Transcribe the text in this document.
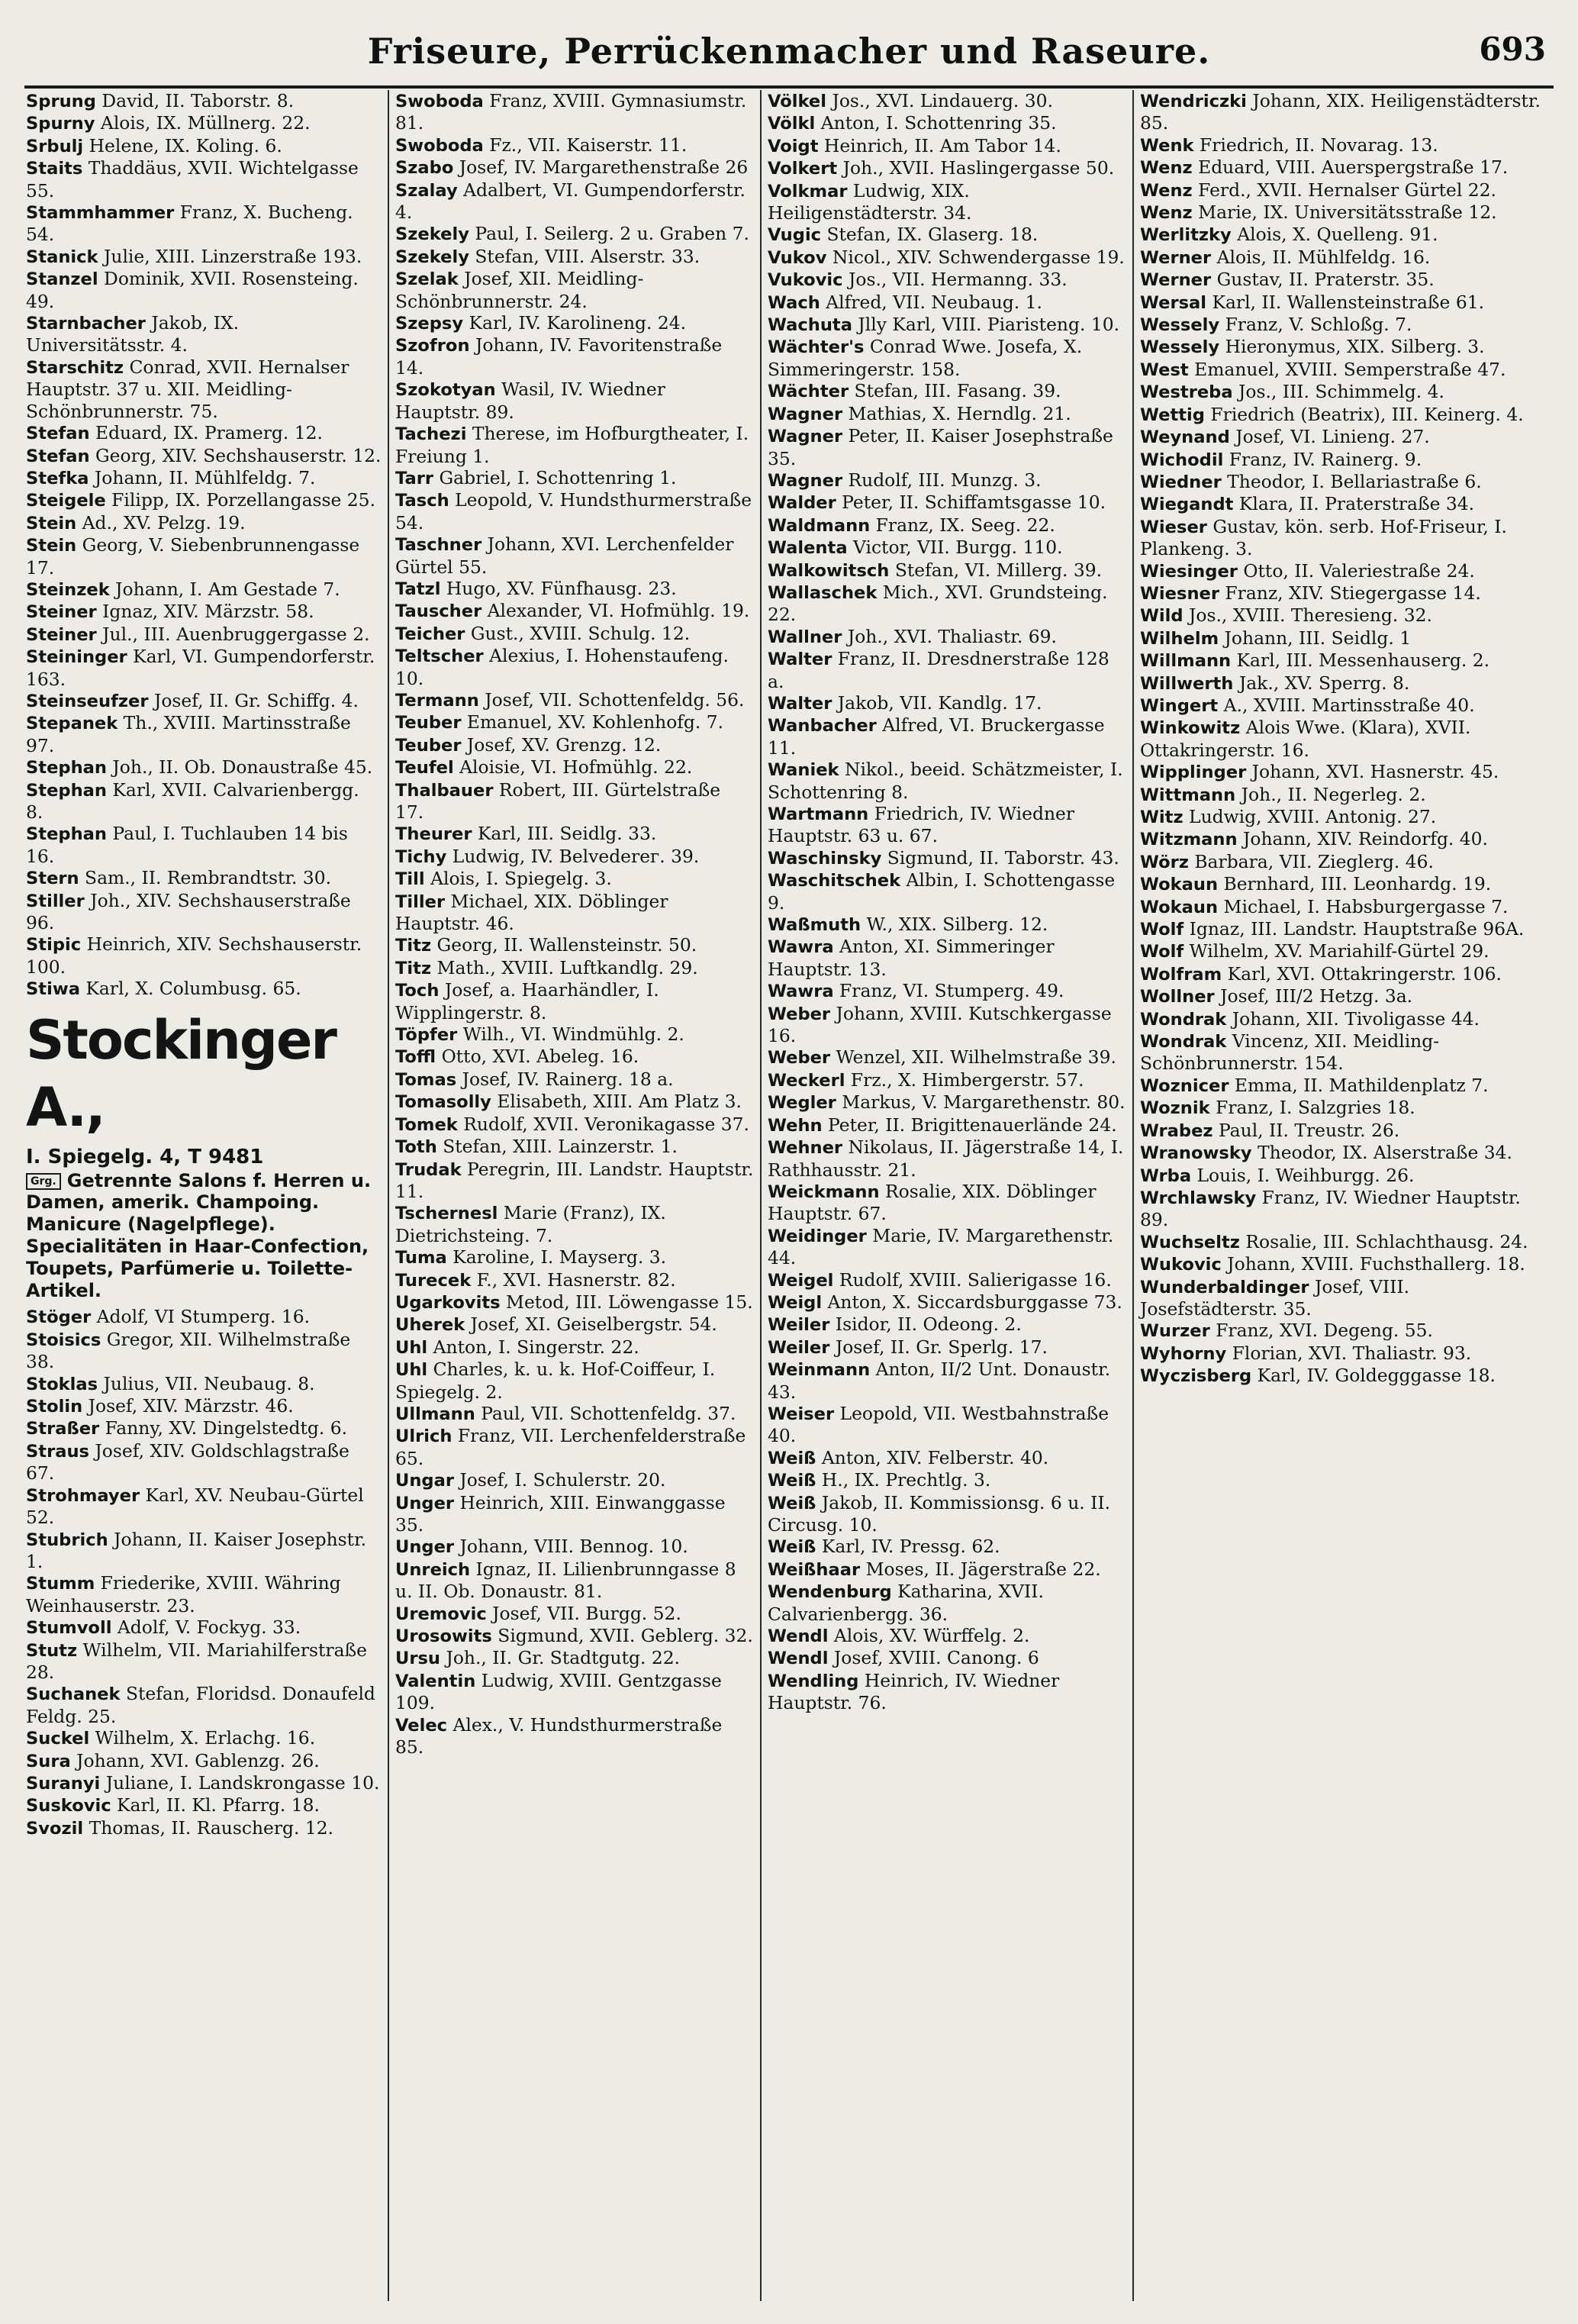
Friseure, Perrückenmacher und Raseure.	693
Sprung David, II. Taborstr. 8.
Spurny Alois, IX. Müllnerg. 22.
Srbulj Helene, IX. Koling. 6.
Staits Thaddäus, XVII. Wichtelgasse 55.
Stammhammer Franz, X. Bucheng. 54.
Stanick Julie, XIII. Linzerstraße 193.
Stanzel Dominik, XVII. Rosensteing. 49.
Starnbacher Jakob, IX. Universitätsstr. 4.
Starschitz Conrad, XVII. Hernalser Hauptstr. 37 u. XII. Meidling-Schönbrunnerstr. 75.
Stefan Eduard, IX. Pramerg. 12.
Stefan Georg, XIV. Sechshauserstr. 12.
Stefka Johann, II. Mühlfeldg. 7.
Steigele Filipp, IX. Porzellangasse 25.
Stein Ad., XV. Pelzg. 19.
Stein Georg, V. Siebenbrunnengasse 17.
Steinzek Johann, I. Am Gestade 7.
Steiner Ignaz, XIV. Märzstr. 58.
Steiner Jul., III. Auenbruggergasse 2.
Steininger Karl, VI. Gumpendorferstr. 163.
Steinseufzer Josef, II. Gr. Schiffg. 4.
Stepanek Th., XVIII. Martinsstraße 97.
Stephan Joh., II. Ob. Donaustraße 45.
Stephan Karl, XVII. Calvarienbergg. 8.
Stephan Paul, I. Tuchlauben 14 bis 16.
Stern Sam., II. Rembrandtstr. 30.
Stiller Joh., XIV. Sechshauserstraße 96.
Stipic Heinrich, XIV. Sechshauserstr. 100.
Stiwa Karl, X. Columbusg. 65.
Stockinger A.,
I. Spiegelg. 4, T 9481
Grg. Getrennte Salons f. Herren u. Damen, amerik. Champoing. Manicure (Nagelpflege). Specialitäten in Haar-Confection, Toupets, Parfümerie u. Toilette-Artikel.
Stöger Adolf, VI Stumperg. 16.
Stoisics Gregor, XII. Wilhelmstraße 38.
Stoklas Julius, VII. Neubaug. 8.
Stolin Josef, XIV. Märzstr. 46.
Straßer Fanny, XV. Dingelstedtg. 6.
Straus Josef, XIV. Goldschlagstraße 67.
Strohmayer Karl, XV. Neubau-Gürtel 52.
Stubrich Johann, II. Kaiser Josephstr. 1.
Stumm Friederike, XVIII. Währing Weinhauserstr. 23.
Stumvoll Adolf, V. Fockyg. 33.
Stutz Wilhelm, VII. Mariahilferstraße 28.
Suchanek Stefan, Floridsd. Donaufeld Feldg. 25.
Suckel Wilhelm, X. Erlachg. 16.
Sura Johann, XVI. Gablenzg. 26.
Suranyi Juliane, I. Landskrongasse 10.
Suskovic Karl, II. Kl. Pfarrg. 18.
Svozil Thomas, II. Rauscherg. 12.
Swoboda Franz, XVIII. Gymnasiumstr. 81.
Swoboda Fz., VII. Kaiserstr. 11.
Szabo Josef, IV. Margarethenstraße 26
Szalay Adalbert, VI. Gumpendorferstr. 4.
Szekely Paul, I. Seilerg. 2 u. Graben 7.
Szekely Stefan, VIII. Alserstr. 33.
Szelak Josef, XII. Meidling-Schönbrunnerstr. 24.
Szepsy Karl, IV. Karolineng. 24.
Szofron Johann, IV. Favoritenstraße 14.
Szokotyan Wasil, IV. Wiedner Hauptstr. 89.
Tachezi Therese, im Hofburgtheater, I. Freiung 1.
Tarr Gabriel, I. Schottenring 1.
Tasch Leopold, V. Hundsthurmerstraße 54.
Taschner Johann, XVI. Lerchenfelder Gürtel 55.
Tatzl Hugo, XV. Fünfhausg. 23.
Tauscher Alexander, VI. Hofmühlg. 19.
Teicher Gust., XVIII. Schulg. 12.
Teltscher Alexius, I. Hohenstaufeng. 10.
Termann Josef, VII. Schottenfeldg. 56.
Teuber Emanuel, XV. Kohlenhofg. 7.
Teuber Josef, XV. Grenzg. 12.
Teufel Aloisie, VI. Hofmühlg. 22.
Thalbauer Robert, III. Gürtelstraße 17.
Theurer Karl, III. Seidlg. 33.
Tichy Ludwig, IV. Belvederег. 39.
Till Alois, I. Spiegelg. 3.
Tiller Michael, XIX. Döblinger Hauptstr. 46.
Titz Georg, II. Wallensteinstr. 50.
Titz Math., XVIII. Luftkandlg. 29.
Toch Josef, a. Haarhändler, I. Wipplingerstr. 8.
Töpfer Wilh., VI. Windmühlg. 2.
Toffl Otto, XVI. Abeleg. 16.
Tomas Josef, IV. Rainerg. 18 a.
Tomasolly Elisabeth, XIII. Am Platz 3.
Tomek Rudolf, XVII. Veronikagasse 37.
Toth Stefan, XIII. Lainzerstr. 1.
Trudak Peregrin, III. Landstr. Hauptstr. 11.
Tschernesl Marie (Franz), IX. Dietrichsteing. 7.
Tuma Karoline, I. Mayserg. 3.
Turecek F., XVI. Hasnerstr. 82.
Ugarkovits Metod, III. Löwengasse 15.
Uherek Josef, XI. Geiselbergstr. 54.
Uhl Anton, I. Singerstr. 22.
Uhl Charles, k. u. k. Hof-Coiffeur, I. Spiegelg. 2.
Ullmann Paul, VII. Schottenfeldg. 37.
Ulrich Franz, VII. Lerchenfelderstraße 65.
Ungar Josef, I. Schulerstr. 20.
Unger Heinrich, XIII. Einwanggasse 35.
Unger Johann, VIII. Bennog. 10.
Unreich Ignaz, II. Lilienbrunngasse 8 u. II. Ob. Donaustr. 81.
Uremovic Josef, VII. Burgg. 52.
Urosowits Sigmund, XVII. Geblerg. 32.
Ursu Joh., II. Gr. Stadtgutg. 22.
Valentin Ludwig, XVIII. Gentzgasse 109.
Velec Alex., V. Hundsthurmerstraße 85.
Völkel Jos., XVI. Lindauerg. 30.
Völkl Anton, I. Schottenring 35.
Voigt Heinrich, II. Am Tabor 14.
Volkert Joh., XVII. Haslingergasse 50.
Volkmar Ludwig, XIX. Heiligenstädterstr. 34.
Vugic Stefan, IX. Glaserg. 18.
Vukov Nicol., XIV. Schwendergasse 19.
Vukovic Jos., VII. Hermanng. 33.
Wach Alfred, VII. Neubaug. 1.
Wachuta Jlly Karl, VIII. Piaristeng. 10.
Wächter's Conrad Wwe. Josefa, X. Simmeringerstr. 158.
Wächter Stefan, III. Fasang. 39.
Wagner Mathias, X. Herndlg. 21.
Wagner Peter, II. Kaiser Josephstraße 35.
Wagner Rudolf, III. Munzg. 3.
Walder Peter, II. Schiffamtsgasse 10.
Waldmann Franz, IX. Seeg. 22.
Walenta Victor, VII. Burgg. 110.
Walkowitsch Stefan, VI. Millerg. 39.
Wallaschek Mich., XVI. Grundsteing. 22.
Wallner Joh., XVI. Thaliastr. 69.
Walter Franz, II. Dresdnerstraße 128 a.
Walter Jakob, VII. Kandlg. 17.
Wanbacher Alfred, VI. Bruckergasse 11.
Waniek Nikol., beeid. Schätzmeister, I. Schottenring 8.
Wartmann Friedrich, IV. Wiedner Hauptstr. 63 u. 67.
Waschinsky Sigmund, II. Taborstr. 43.
Waschitschek Albin, I. Schottengasse 9.
Waßmuth W., XIX. Silberg. 12.
Wawra Anton, XI. Simmeringer Hauptstr. 13.
Wawra Franz, VI. Stumperg. 49.
Weber Johann, XVIII. Kutschkergasse 16.
Weber Wenzel, XII. Wilhelmstraße 39.
Weckerl Frz., X. Himbergerstr. 57.
Wegler Markus, V. Margarethenstr. 80.
Wehn Peter, II. Brigittenauerlände 24.
Wehner Nikolaus, II. Jägerstraße 14, I. Rathhausstr. 21.
Weickmann Rosalie, XIX. Döblinger Hauptstr. 67.
Weidinger Marie, IV. Margarethenstr. 44.
Weigel Rudolf, XVIII. Salierigasse 16.
Weigl Anton, X. Siccardsburggasse 73.
Weiler Isidor, II. Odeong. 2.
Weiler Josef, II. Gr. Sperlg. 17.
Weinmann Anton, II/2 Unt. Donaustr. 43.
Weiser Leopold, VII. Westbahnstraße 40.
Weiß Anton, XIV. Felberstr. 40.
Weiß H., IX. Prechtlg. 3.
Weiß Jakob, II. Kommissionsg. 6 u. II. Circusg. 10.
Weiß Karl, IV. Pressg. 62.
Weißhaar Moses, II. Jägerstraße 22.
Wendenburg Katharina, XVII. Calvarienbergg. 36.
Wendl Alois, XV. Würffelg. 2.
Wendl Josef, XVIII. Canong. 6
Wendling Heinrich, IV. Wiedner Hauptstr. 76.
Wendriczki Johann, XIX. Heiligenstädterstr. 85.
Wenk Friedrich, II. Novarag. 13.
Wenz Eduard, VIII. Auerspergstraße 17.
Wenz Ferd., XVII. Hernalser Gürtel 22.
Wenz Marie, IX. Universitätsstraße 12.
Werlitzky Alois, X. Quelleng. 91.
Werner Alois, II. Mühlfeldg. 16.
Werner Gustav, II. Praterstr. 35.
Wersal Karl, II. Wallensteinstraße 61.
Wessely Franz, V. Schloßg. 7.
Wessely Hieronymus, XIX. Silberg. 3.
West Emanuel, XVIII. Semperstraße 47.
Westreba Jos., III. Schimmelg. 4.
Wettig Friedrich (Beatrix), III. Keinerg. 4.
Weynand Josef, VI. Linieng. 27.
Wichodil Franz, IV. Rainerg. 9.
Wiedner Theodor, I. Bellariastraße 6.
Wiegandt Klara, II. Praterstraße 34.
Wieser Gustav, kön. serb. Hof-Friseur, I. Plankeng. 3.
Wiesinger Otto, II. Valeriestraße 24.
Wiesner Franz, XIV. Stiegergasse 14.
Wild Jos., XVIII. Theresieng. 32.
Wilhelm Johann, III. Seidlg. 1
Willmann Karl, III. Messenhauserg. 2.
Willwerth Jak., XV. Sperrg. 8.
Wingert A., XVIII. Martinsstraße 40.
Winkowitz Alois Wwe. (Klara), XVII. Ottakringerstr. 16.
Wipplinger Johann, XVI. Hasnerstr. 45.
Wittmann Joh., II. Negerleg. 2.
Witz Ludwig, XVIII. Antonig. 27.
Witzmann Johann, XIV. Reindorfg. 40.
Wörz Barbara, VII. Zieglerg. 46.
Wokaun Bernhard, III. Leonhardg. 19.
Wokaun Michael, I. Habsburgergasse 7.
Wolf Ignaz, III. Landstr. Hauptstraße 96A.
Wolf Wilhelm, XV. Mariahilf-Gürtel 29.
Wolfram Karl, XVI. Ottakringerstr. 106.
Wollner Josef, III/2 Hetzg. 3a.
Wondrak Johann, XII. Tivoligasse 44.
Wondrak Vincenz, XII. Meidling-Schönbrunnerstr. 154.
Woznicer Emma, II. Mathildenplatz 7.
Woznik Franz, I. Salzgries 18.
Wrabez Paul, II. Treustr. 26.
Wranowsky Theodor, IX. Alserstraße 34.
Wrba Louis, I. Weihburgg. 26.
Wrchlawsky Franz, IV. Wiedner Hauptstr. 89.
Wuchseltz Rosalie, III. Schlachthausg. 24.
Wukovic Johann, XVIII. Fuchsthallerg. 18.
Wunderbaldinger Josef, VIII. Josefstädterstr. 35.
Wurzer Franz, XVI. Degeng. 55.
Wyhorny Florian, XVI. Thaliastr. 93.
Wyczisberg Karl, IV. Goldegggasse 18.
